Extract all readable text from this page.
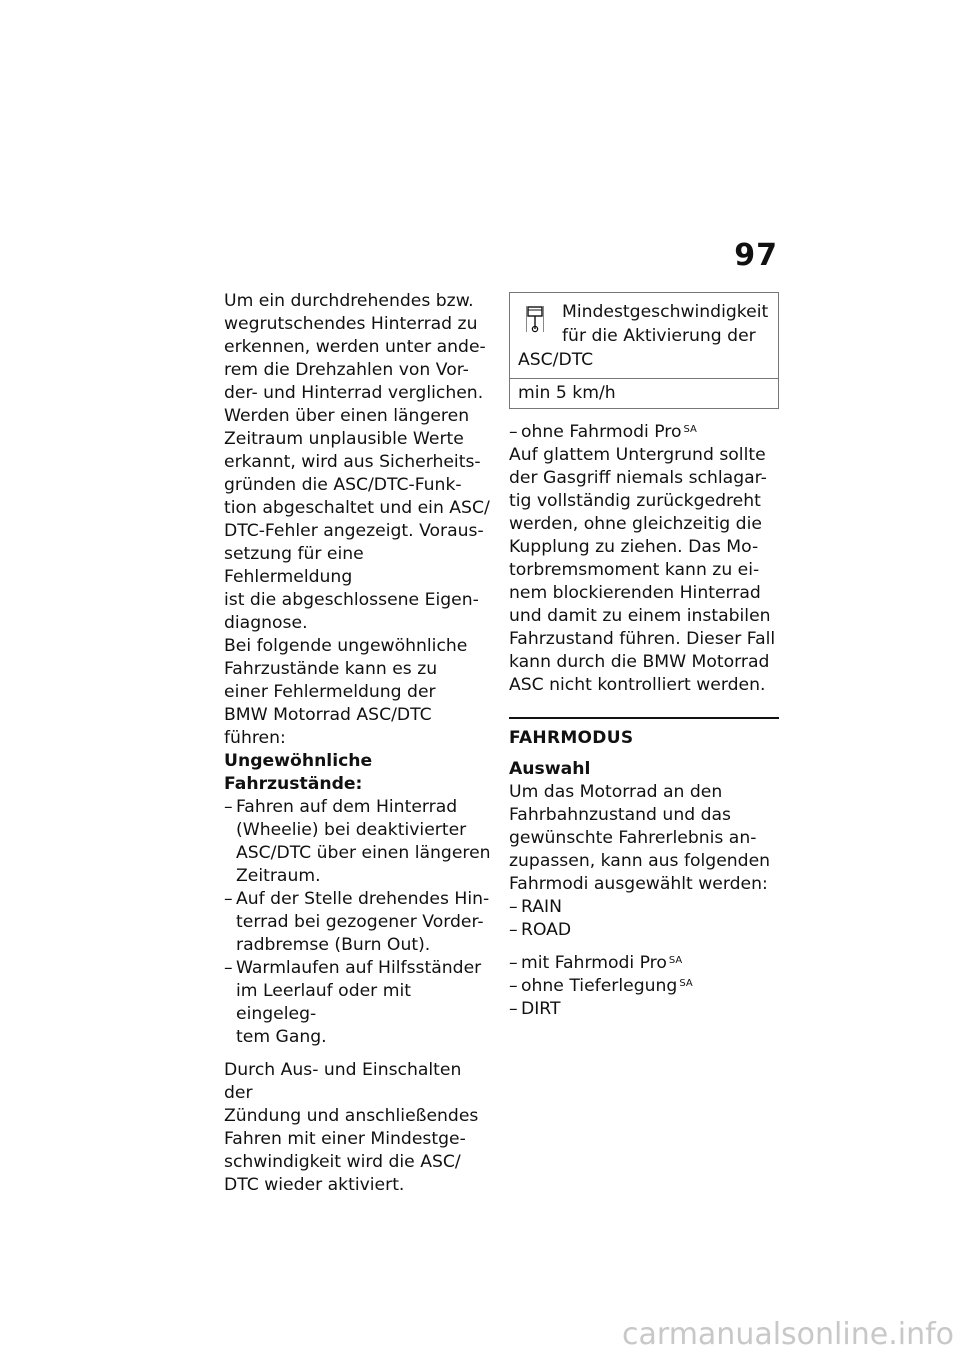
97

Um ein durchdrehendes bzw.

wegrutschendes Hinterrad zu

erkennen, werden unter ande-

rem die Drehzahlen von Vor-

der- und Hinterrad verglichen.

Werden über einen längeren

Zeitraum unplausible Werte

erkannt, wird aus Sicherheits-

gründen die ASC/DTC-Funk-

tion abgeschaltet und ein ASC/

DTC-Fehler angezeigt. Voraus-

setzung für eine Fehlermeldung

ist die abgeschlossene Eigen-

diagnose.

Bei folgende ungewöhnliche

Fahrzustände kann es zu

einer Fehlermeldung der

BMW Motorrad ASC/DTC

führen:

Ungewöhnliche Fahrzustände:

– Fahren auf dem Hinterrad

(Wheelie) bei deaktivierter

ASC/DTC über einen längeren

Zeitraum.

– Auf der Stelle drehendes Hin-

terrad bei gezogener Vorder-

radbremse (Burn Out).

– Warmlaufen auf Hilfsständer

im Leerlauf oder mit eingeleg-

tem Gang.

Durch Aus- und Einschalten der

Zündung und anschließendes

Fahren mit einer Mindestge-

schwindigkeit wird die ASC/

DTC wieder aktiviert.

Mindestgeschwindigkeit
für die Aktivierung der
ASC/DTC
min 5 km/h
– ohne Fahrmodi Pro $^{SA}$

Auf glattem Untergrund sollte

der Gasgriff niemals schlagar-

tig vollständig zurückgedreht

werden, ohne gleichzeitig die

Kupplung zu ziehen. Das Mo-

torbremsmoment kann zu ei-

nem blockierenden Hinterrad

und damit zu einem instabilen

Fahrzustand führen. Dieser Fall

kann durch die BMW Motorrad

ASC nicht kontrolliert werden.

FAHRMODUS

Auswahl

Um das Motorrad an den

Fahrbahnzustand und das

gewünschte Fahrerlebnis an-

zupassen, kann aus folgenden

Fahrmodi ausgewählt werden:

– RAIN
– ROAD
– mit Fahrmodi Pro $^{SA}$
– ohne Tieferlegung $^{SA}$
– DIRT
carmanualsonline.info
